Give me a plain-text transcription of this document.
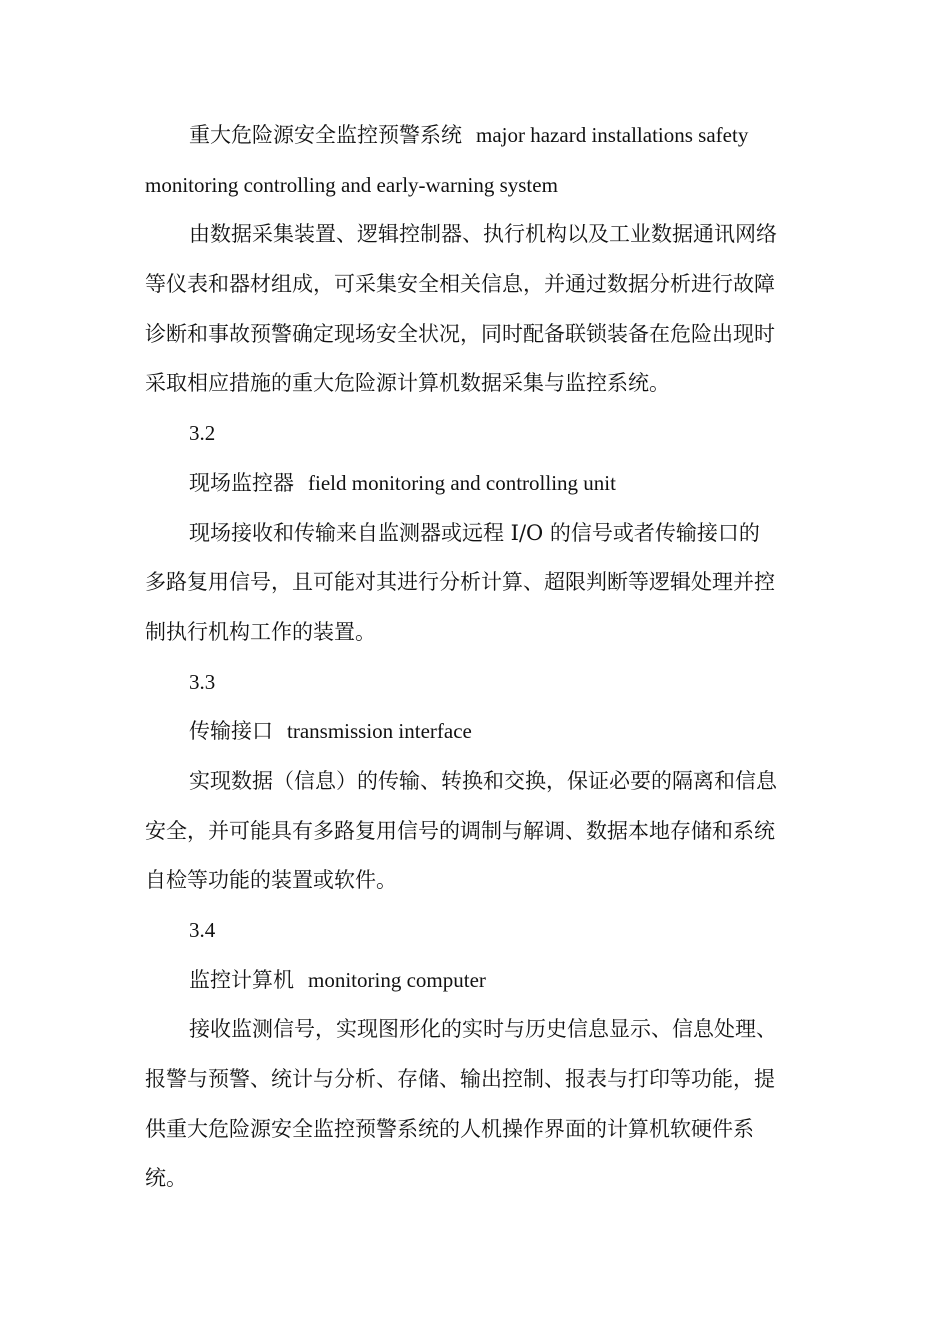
重大危险源安全监控预警系统 major hazard installations safety
monitoring controlling and early-warning system
由数据采集装置、逻辑控制器、执行机构以及工业数据通讯网络
等仪表和器材组成，可采集安全相关信息，并通过数据分析进行故障
诊断和事故预警确定现场安全状况，同时配备联锁装备在危险出现时
采取相应措施的重大危险源计算机数据采集与监控系统。
3.2
现场监控器 field monitoring and controlling unit
现场接收和传输来自监测器或远程 I/O 的信号或者传输接口的
多路复用信号，且可能对其进行分析计算、超限判断等逻辑处理并控
制执行机构工作的装置。
3.3
传输接口 transmission interface
实现数据（信息）的传输、转换和交换，保证必要的隔离和信息
安全，并可能具有多路复用信号的调制与解调、数据本地存储和系统
自检等功能的装置或软件。
3.4
监控计算机 monitoring computer
接收监测信号，实现图形化的实时与历史信息显示、信息处理、
报警与预警、统计与分析、存储、输出控制、报表与打印等功能，提
供重大危险源安全监控预警系统的人机操作界面的计算机软硬件系
统。
